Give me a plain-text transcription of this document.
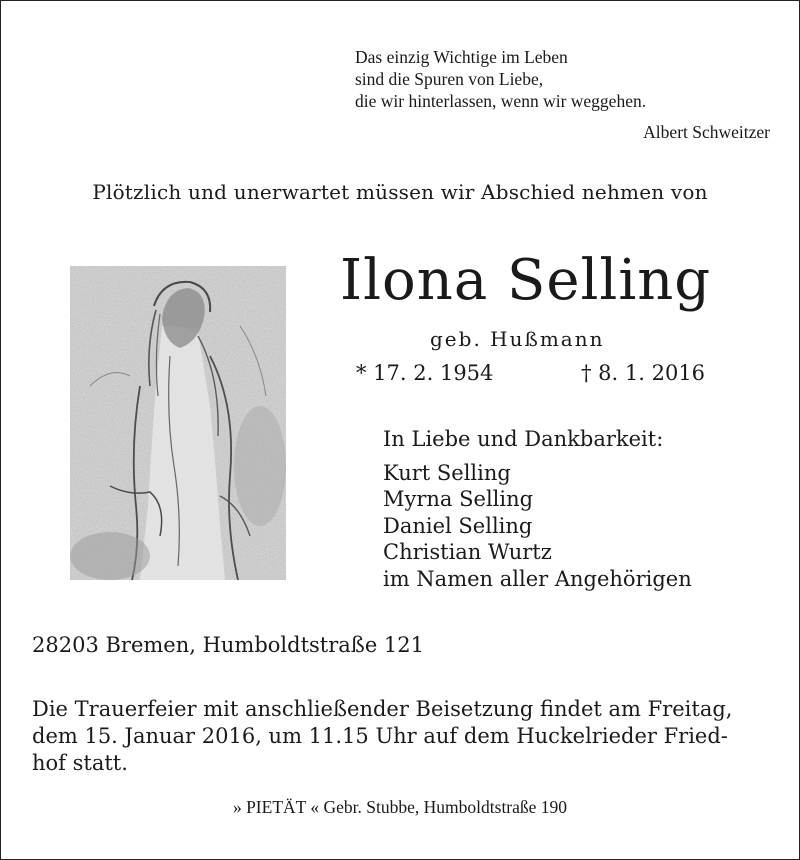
Das einzig Wichtige im Leben
sind die Spuren von Liebe,
die wir hinterlassen, wenn wir weggehen.
Albert Schweitzer
Plötzlich und unerwartet müssen wir Abschied nehmen von
Ilona Selling
geb. Hußmann
* 17. 2. 1954	† 8. 1. 2016
In Liebe und Dankbarkeit:
Kurt Selling
Myrna Selling
Daniel Selling
Christian Wurtz
im Namen aller Angehörigen
28203 Bremen, Humboldtstraße 121
Die Trauerfeier mit anschließender Beisetzung findet am Freitag,
dem 15. Januar 2016, um 11.15 Uhr auf dem Huckelrieder Fried-
hof statt.
» PIETÄT « Gebr. Stubbe, Humboldtstraße 190
